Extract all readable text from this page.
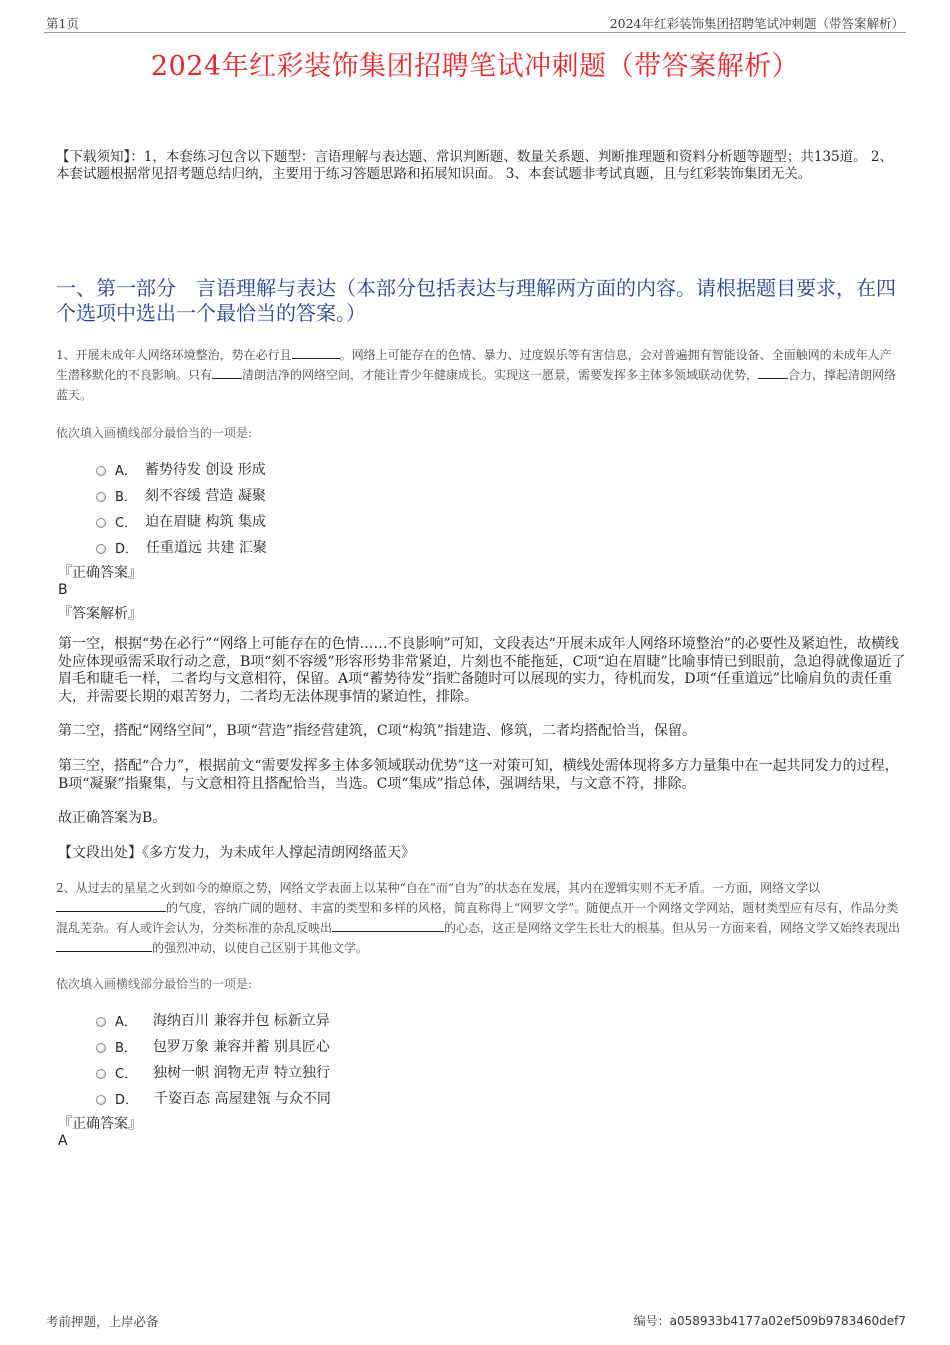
第1页	2024年红彩装饰集团招聘笔试冲刺题（带答案解析）
2024年红彩装饰集团招聘笔试冲刺题（带答案解析）
【下载须知】：1，本套练习包含以下题型：言语理解与表达题、常识判断题、数量关系题、判断推理题和资料分析题等题型；共135道。 2、本套试题根据常见招考题总结归纳，主要用于练习答题思路和拓展知识面。 3、本套试题非考试真题，且与红彩装饰集团无关。
一、第一部分　言语理解与表达（本部分包括表达与理解两方面的内容。请根据题目要求，在四个选项中选出一个最恰当的答案。）
1、开展未成年人网络环境整治，势在必行且	。网络上可能存在的色情、暴力、过度娱乐等有害信息，会对普遍拥有智能设备、全面触网的未成年人产生潜移默化的不良影响。只有	清朗洁净的网络空间，才能让青少年健康成长。实现这一愿景，需要发挥多主体多领域联动优势，	合力，撑起清朗网络蓝天。
依次填入画横线部分最恰当的一项是:
A． 蓄势待发 创设 形成
B． 刻不容缓 营造 凝聚
C． 迫在眉睫 构筑 集成
D． 任重道远 共建 汇聚
『正确答案』
B
『答案解析』
第一空，根据“势在必行”“网络上可能存在的色情……不良影响”可知，文段表达“开展未成年人网络环境整治”的必要性及紧迫性，故横线处应体现亟需采取行动之意，B项“刻不容缓”形容形势非常紧迫，片刻也不能拖延，C项“迫在眉睫”比喻事情已到眼前，急迫得就像逼近了眉毛和睫毛一样，二者均与文意相符，保留。A项“蓄势待发”指贮备随时可以展现的实力，待机而发，D项“任重道远”比喻肩负的责任重大，并需要长期的艰苦努力，二者均无法体现事情的紧迫性，排除。
第二空，搭配“网络空间”，B项“营造”指经营建筑，C项“构筑”指建造、修筑，二者均搭配恰当，保留。
第三空，搭配“合力”，根据前文“需要发挥多主体多领域联动优势”这一对策可知，横线处需体现将多方力量集中在一起共同发力的过程，B项“凝聚”指聚集，与文意相符且搭配恰当，当选。C项“集成”指总体，强调结果，与文意不符，排除。
故正确答案为B。
【文段出处】《多方发力，为未成年人撑起清朗网络蓝天》
2、从过去的星星之火到如今的燎原之势，网络文学表面上以某种“自在”而“自为”的状态在发展，其内在逻辑实则不无矛盾。一方面，网络文学以的气度，容纳广阔的题材、丰富的类型和多样的风格，简直称得上“网罗文学”。随便点开一个网络文学网站，题材类型应有尽有，作品分类混乱芜杂。有人或许会认为，分类标准的杂乱反映出	的心态，这正是网络文学生长壮大的根基。但从另一方面来看，网络文学又始终表现出的强烈冲动，以使自己区别于其他文学。
依次填入画横线部分最恰当的一项是:
A． 海纳百川 兼容并包 标新立异
B． 包罗万象 兼容并蓄 别具匠心
C． 独树一帜 润物无声 特立独行
D． 千姿百态 高屋建瓴 与众不同
『正确答案』
A
考前押题，上岸必备	编号：a058933b4177a02ef509b9783460def7
